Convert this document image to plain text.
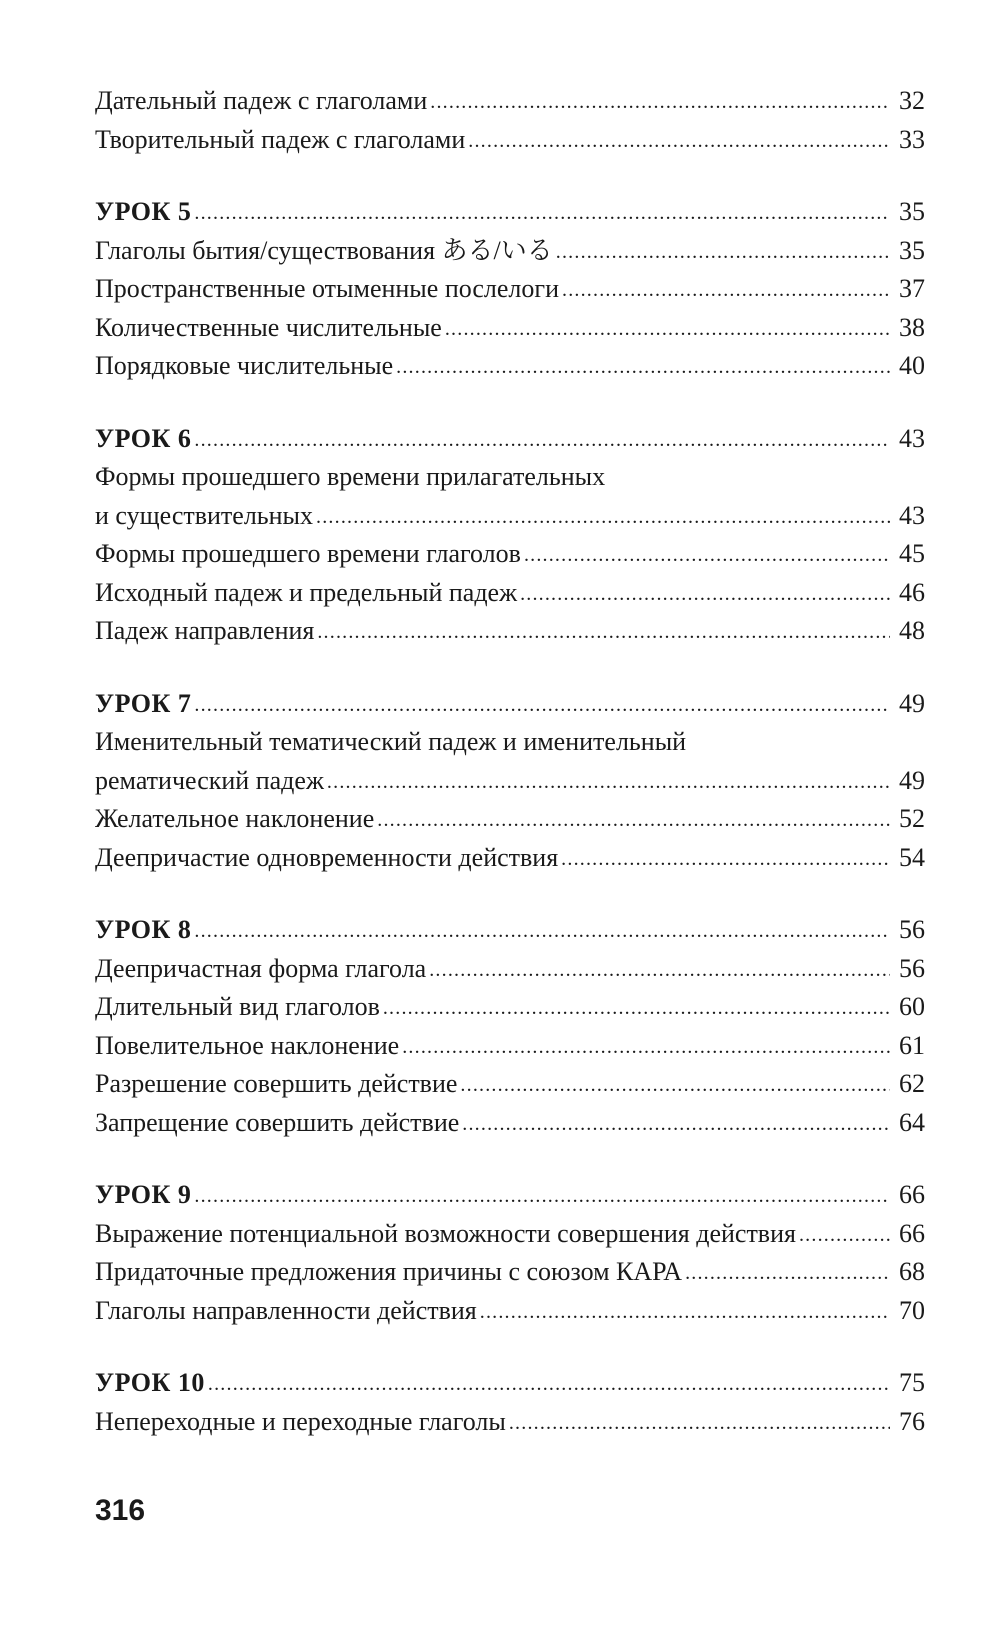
Дательный падеж с глаголами .....	32
Творительный падеж с глаголами .....	33
УРОК 5 .....	35
Глаголы бытия/существования ある/いる .....	35
Пространственные отыменные послелоги .....	37
Количественные числительные .....	38
Порядковые числительные .....	40
УРОК 6 .....	43
Формы прошедшего времени прилагательных
и существительных .....	43
Формы прошедшего времени глаголов .....	45
Исходный падеж и предельный падеж .....	46
Падеж направления .....	48
УРОК 7 .....	49
Именительный тематический падеж и именительный
рематический падеж .....	49
Желательное наклонение .....	52
Деепричастие одновременности действия .....	54
УРОК 8 .....	56
Деепричастная форма глагола .....	56
Длительный вид глаголов .....	60
Повелительное наклонение .....	61
Разрешение совершить действие .....	62
Запрещение совершить действие .....	64
УРОК 9 .....	66
Выражение потенциальной возможности совершения действия .....	66
Придаточные предложения причины с союзом КАРА .....	68
Глаголы направленности действия .....	70
УРОК 10 .....	75
Непереходные и переходные глаголы .....	76
316
